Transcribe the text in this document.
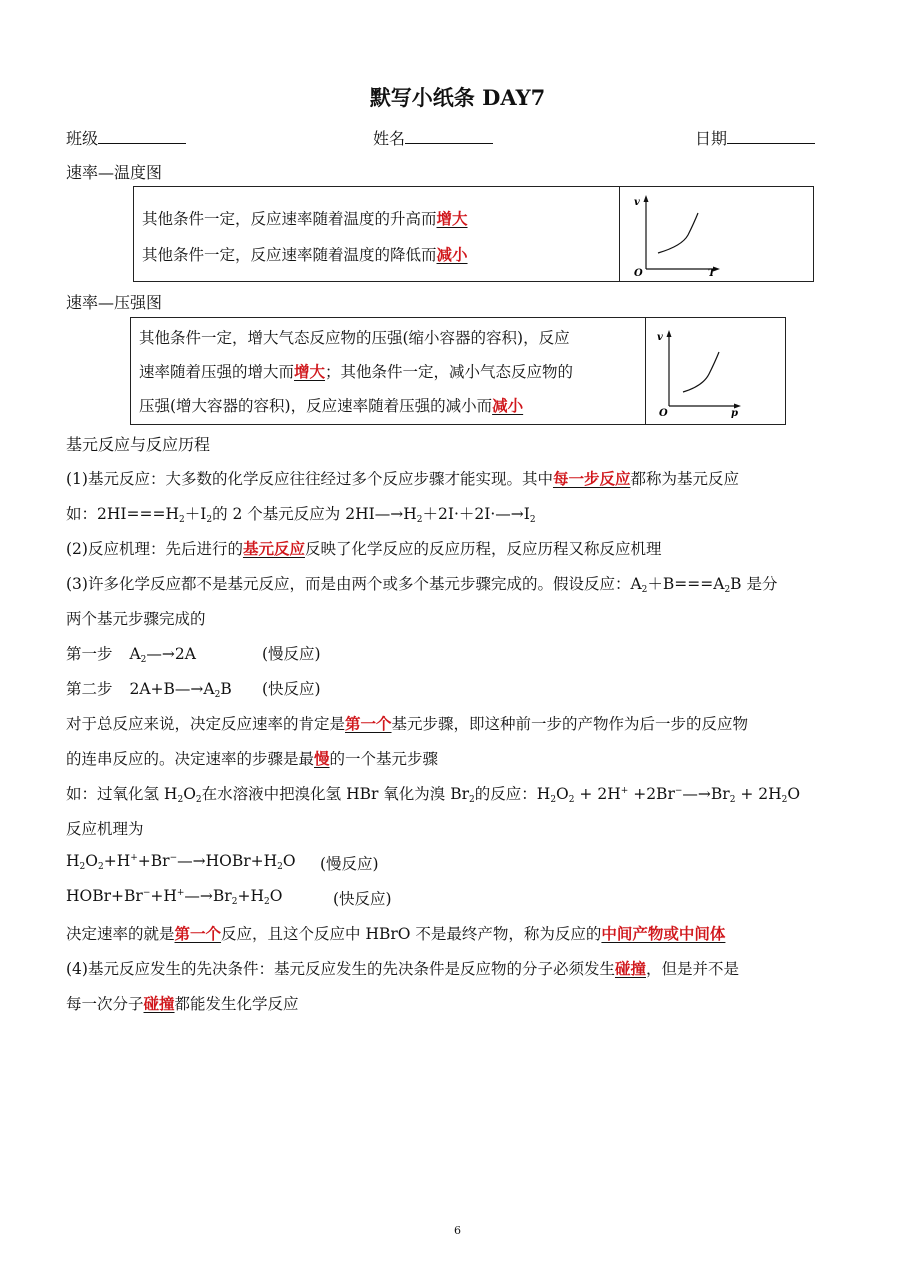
默写小纸条 DAY7
班级	姓名	日期
速率—温度图
其他条件一定，反应速率随着温度的升高而增大
其他条件一定，反应速率随着温度的降低而减小
v
O	T
速率—压强图
其他条件一定，增大气态反应物的压强(缩小容器的容积)，反应
速率随着压强的增大而增大；其他条件一定，减小气态反应物的
压强(增大容器的容积)，反应速率随着压强的减小而减小
v
O	p
基元反应与反应历程
(1)基元反应：大多数的化学反应往往经过多个反应步骤才能实现。其中每一步反应都称为基元反应
如：$2HI===H_2+I_2$的 2 个基元反应为 $2HI—\to H_2+2I\cdot+2I\cdot—\to I_2$
(2)反应机理：先后进行的基元反应反映了化学反应的反应历程，反应历程又称反应机理
(3)许多化学反应都不是基元反应，而是由两个或多个基元步骤完成的。假设反应：$A_2+B===A_2B$ 是分
两个基元步骤完成的
第一步 $A_2—\to 2A$	(慢反应)
第二步 $2A+B—\to A_2B$ (快反应)
对于总反应来说，决定反应速率的肯定是第一个基元步骤，即这种前一步的产物作为后一步的反应物
的连串反应的。决定速率的步骤是最慢的一个基元步骤
如：过氧化氢 $H_2O_2$在水溶液中把溴化氢 HBr 氧化为溴 $Br_2$的反应：$H_2O_2 + 2H^+$ $+2Br^-—\to Br_2 + 2H_2O$
反应机理为
$H_2O_2+H^++Br^-—\to HOBr+H_2O$ (慢反应)
$HOBr+Br^-+H^+—\to Br_2+H_2O$	(快反应)
决定速率的就是第一个反应，且这个反应中 HBrO 不是最终产物，称为反应的中间产物或中间体
(4)基元反应发生的先决条件：基元反应发生的先决条件是反应物的分子必须发生碰撞，但是并不是
每一次分子碰撞都能发生化学反应
6
